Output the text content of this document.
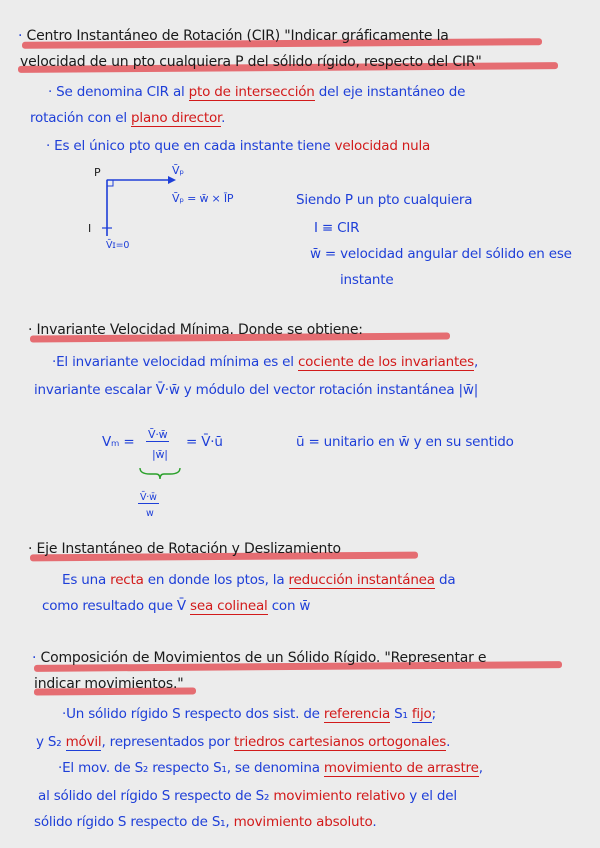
· Centro Instantáneo de Rotación (CIR) "Indicar gráficamente la
velocidad de un pto cualquiera P del sólido rígido, respecto del CIR"
· Se denomina CIR al pto de intersección del eje instantáneo de
rotación con el plano director.
· Es el único pto que en cada instante tiene velocidad nula
P	V̄ₚ
I
V̄ɪ=0
V̄ₚ = w̄ × ĪP	Siendo P un pto cualquiera
I ≡ CIR
w̄ = velocidad angular del sólido en ese
instante
· Invariante Velocidad Mínima. Donde se obtiene:
·El invariante velocidad mínima es el cociente de los invariantes,
invariante escalar V̄·w̄ y módulo del vector rotación instantánea |w̄|
Vₘ = V̄·w̄
|w̄|
= V̄·ū
V̄·w̄
w
ū = unitario en w̄ y en su sentido
· Eje Instantáneo de Rotación y Deslizamiento
Es una recta en donde los ptos, la reducción instantánea da
como resultado que V̄ sea colineal con w̄
· Composición de Movimientos de un Sólido Rígido. "Representar e
indicar movimientos."
·Un sólido rígido S respecto dos sist. de referencia S₁ fijo;
y S₂ móvil, representados por triedros cartesianos ortogonales.
·El mov. de S₂ respecto S₁, se denomina movimiento de arrastre,
al sólido del rígido S respecto de S₂ movimiento relativo y el del
sólido rígido S respecto de S₁, movimiento absoluto.
